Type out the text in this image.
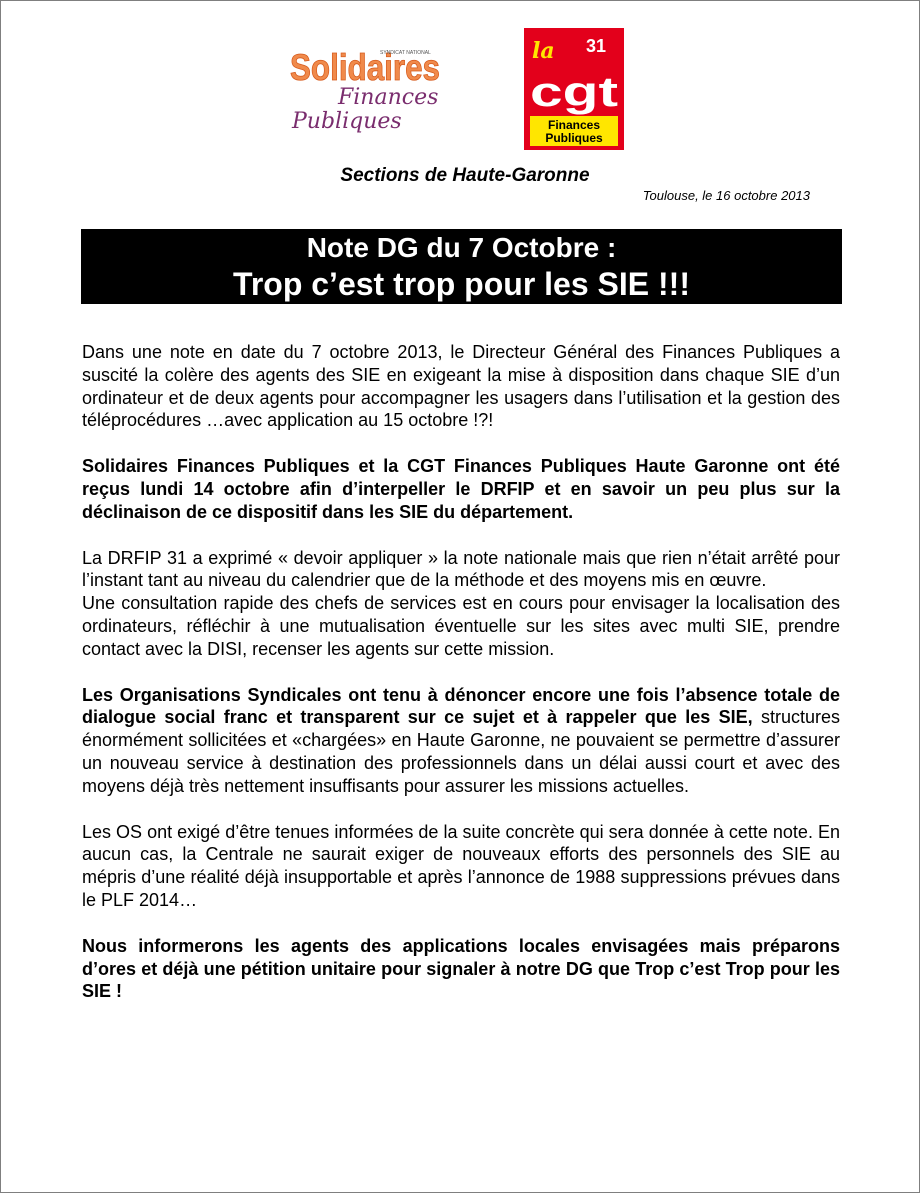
Solidaires
SYNDICAT NATIONAL
Finances
Publiques
la 31
cgt
Finances
Publiques
Sections de Haute-Garonne
Toulouse, le 16 octobre 2013
Note DG du 7 Octobre :
Trop c’est trop pour les SIE !!!

Dans une note en date du 7 octobre 2013, le Directeur Général des Finances Publiques a suscité la colère des agents des SIE en exigeant la mise à disposition dans chaque SIE d’un ordinateur et de deux agents pour accompagner les usagers dans l’utilisation et la gestion des téléprocédures …avec application au 15 octobre !?!

Solidaires Finances Publiques et la CGT Finances Publiques Haute Garonne ont été reçus lundi 14 octobre afin d’interpeller le DRFIP et en savoir un peu plus sur la déclinaison de ce dispositif dans les SIE du département.

La DRFIP 31 a exprimé « devoir appliquer » la note nationale mais que rien n’était arrêté pour l’instant tant au niveau du calendrier que de la méthode et des moyens mis en œuvre.

Une consultation rapide des chefs de services est en cours pour envisager la localisation des ordinateurs, réfléchir à une mutualisation éventuelle sur les sites avec multi SIE, prendre contact avec la DISI, recenser les agents sur cette mission.

Les Organisations Syndicales ont tenu à dénoncer encore une fois l’absence totale de dialogue social franc et transparent sur ce sujet et à rappeler que les SIE, structures énormément sollicitées et «chargées» en Haute Garonne, ne pouvaient se permettre d’assurer un nouveau service à destination des professionnels dans un délai aussi court et avec des moyens déjà très nettement insuffisants pour assurer les missions actuelles.

Les OS ont exigé d’être tenues informées de la suite concrète qui sera donnée à cette note. En aucun cas, la Centrale ne saurait exiger de nouveaux efforts des personnels des SIE au mépris d’une réalité déjà insupportable et après l’annonce de 1988 suppressions prévues dans le PLF 2014…

Nous informerons les agents des applications locales envisagées mais préparons d’ores et déjà une pétition unitaire pour signaler à notre DG que Trop c’est Trop pour les SIE !
